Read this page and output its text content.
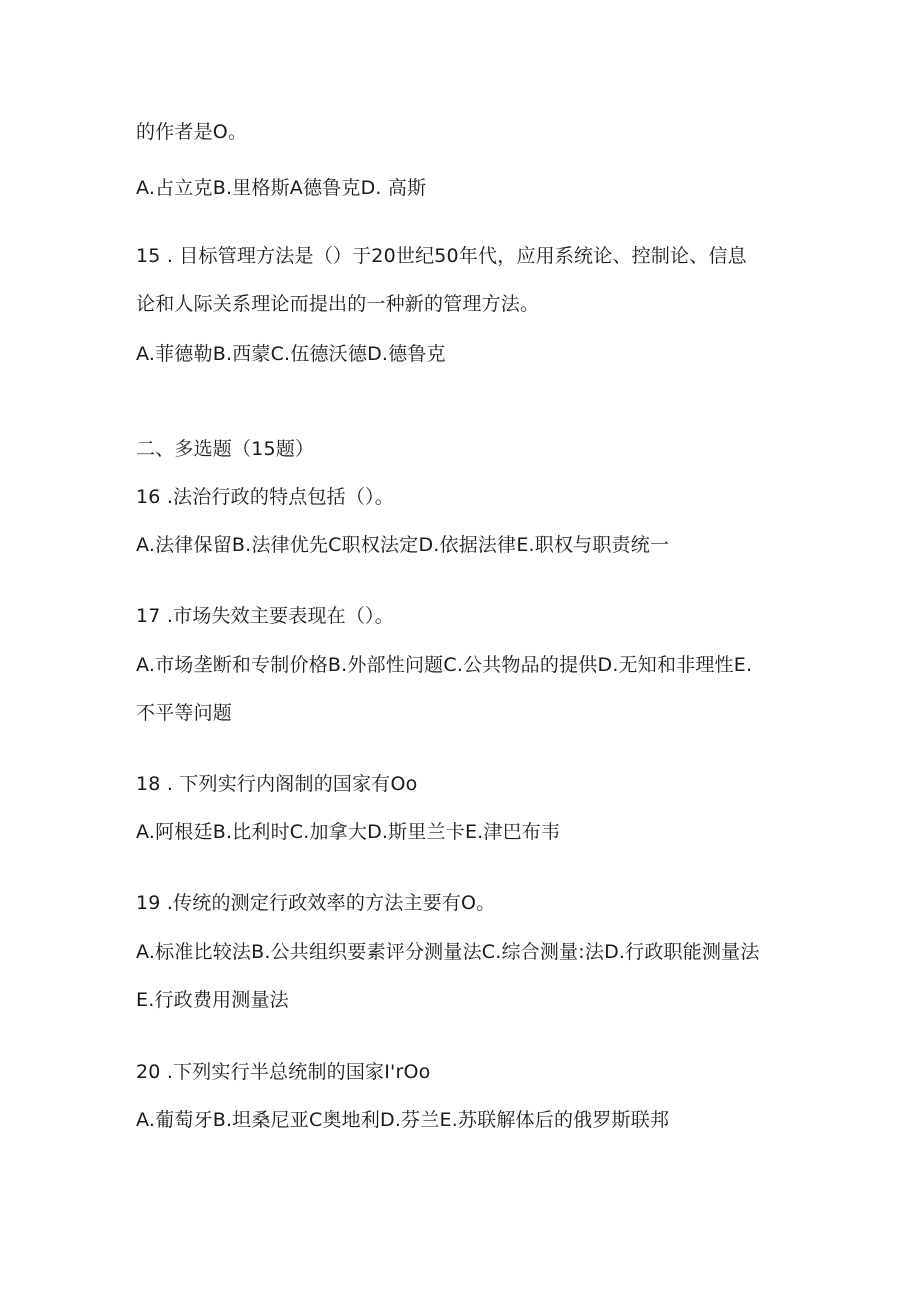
的作者是O。
A.占立克B.里格斯A德鲁克D. 高斯
15 . 目标管理方法是（）于20世纪50年代，应用系统论、控制论、信息
论和人际关系理论而提出的一种新的管理方法。
A.菲德勒B.西蒙C.伍德沃德D.德鲁克
二、多选题（15题）
16 .法治行政的特点包括（）。
A.法律保留B.法律优先C职权法定D.依据法律E.职权与职责统一
17 .市场失效主要表现在（）。
A.市场垄断和专制价格B.外部性问题C.公共物品的提供D.无知和非理性E.
不平等问题
18 . 下列实行内阁制的国家有Oo
A.阿根廷B.比利时C.加拿大D.斯里兰卡E.津巴布韦
19 .传统的测定行政效率的方法主要有O。
A.标准比较法B.公共组织要素评分测量法C.综合测量:法D.行政职能测量法
E.行政费用测量法
20 .下列实行半总统制的国家I'rOo
A.葡萄牙B.坦桑尼亚C奥地利D.芬兰E.苏联解体后的俄罗斯联邦
